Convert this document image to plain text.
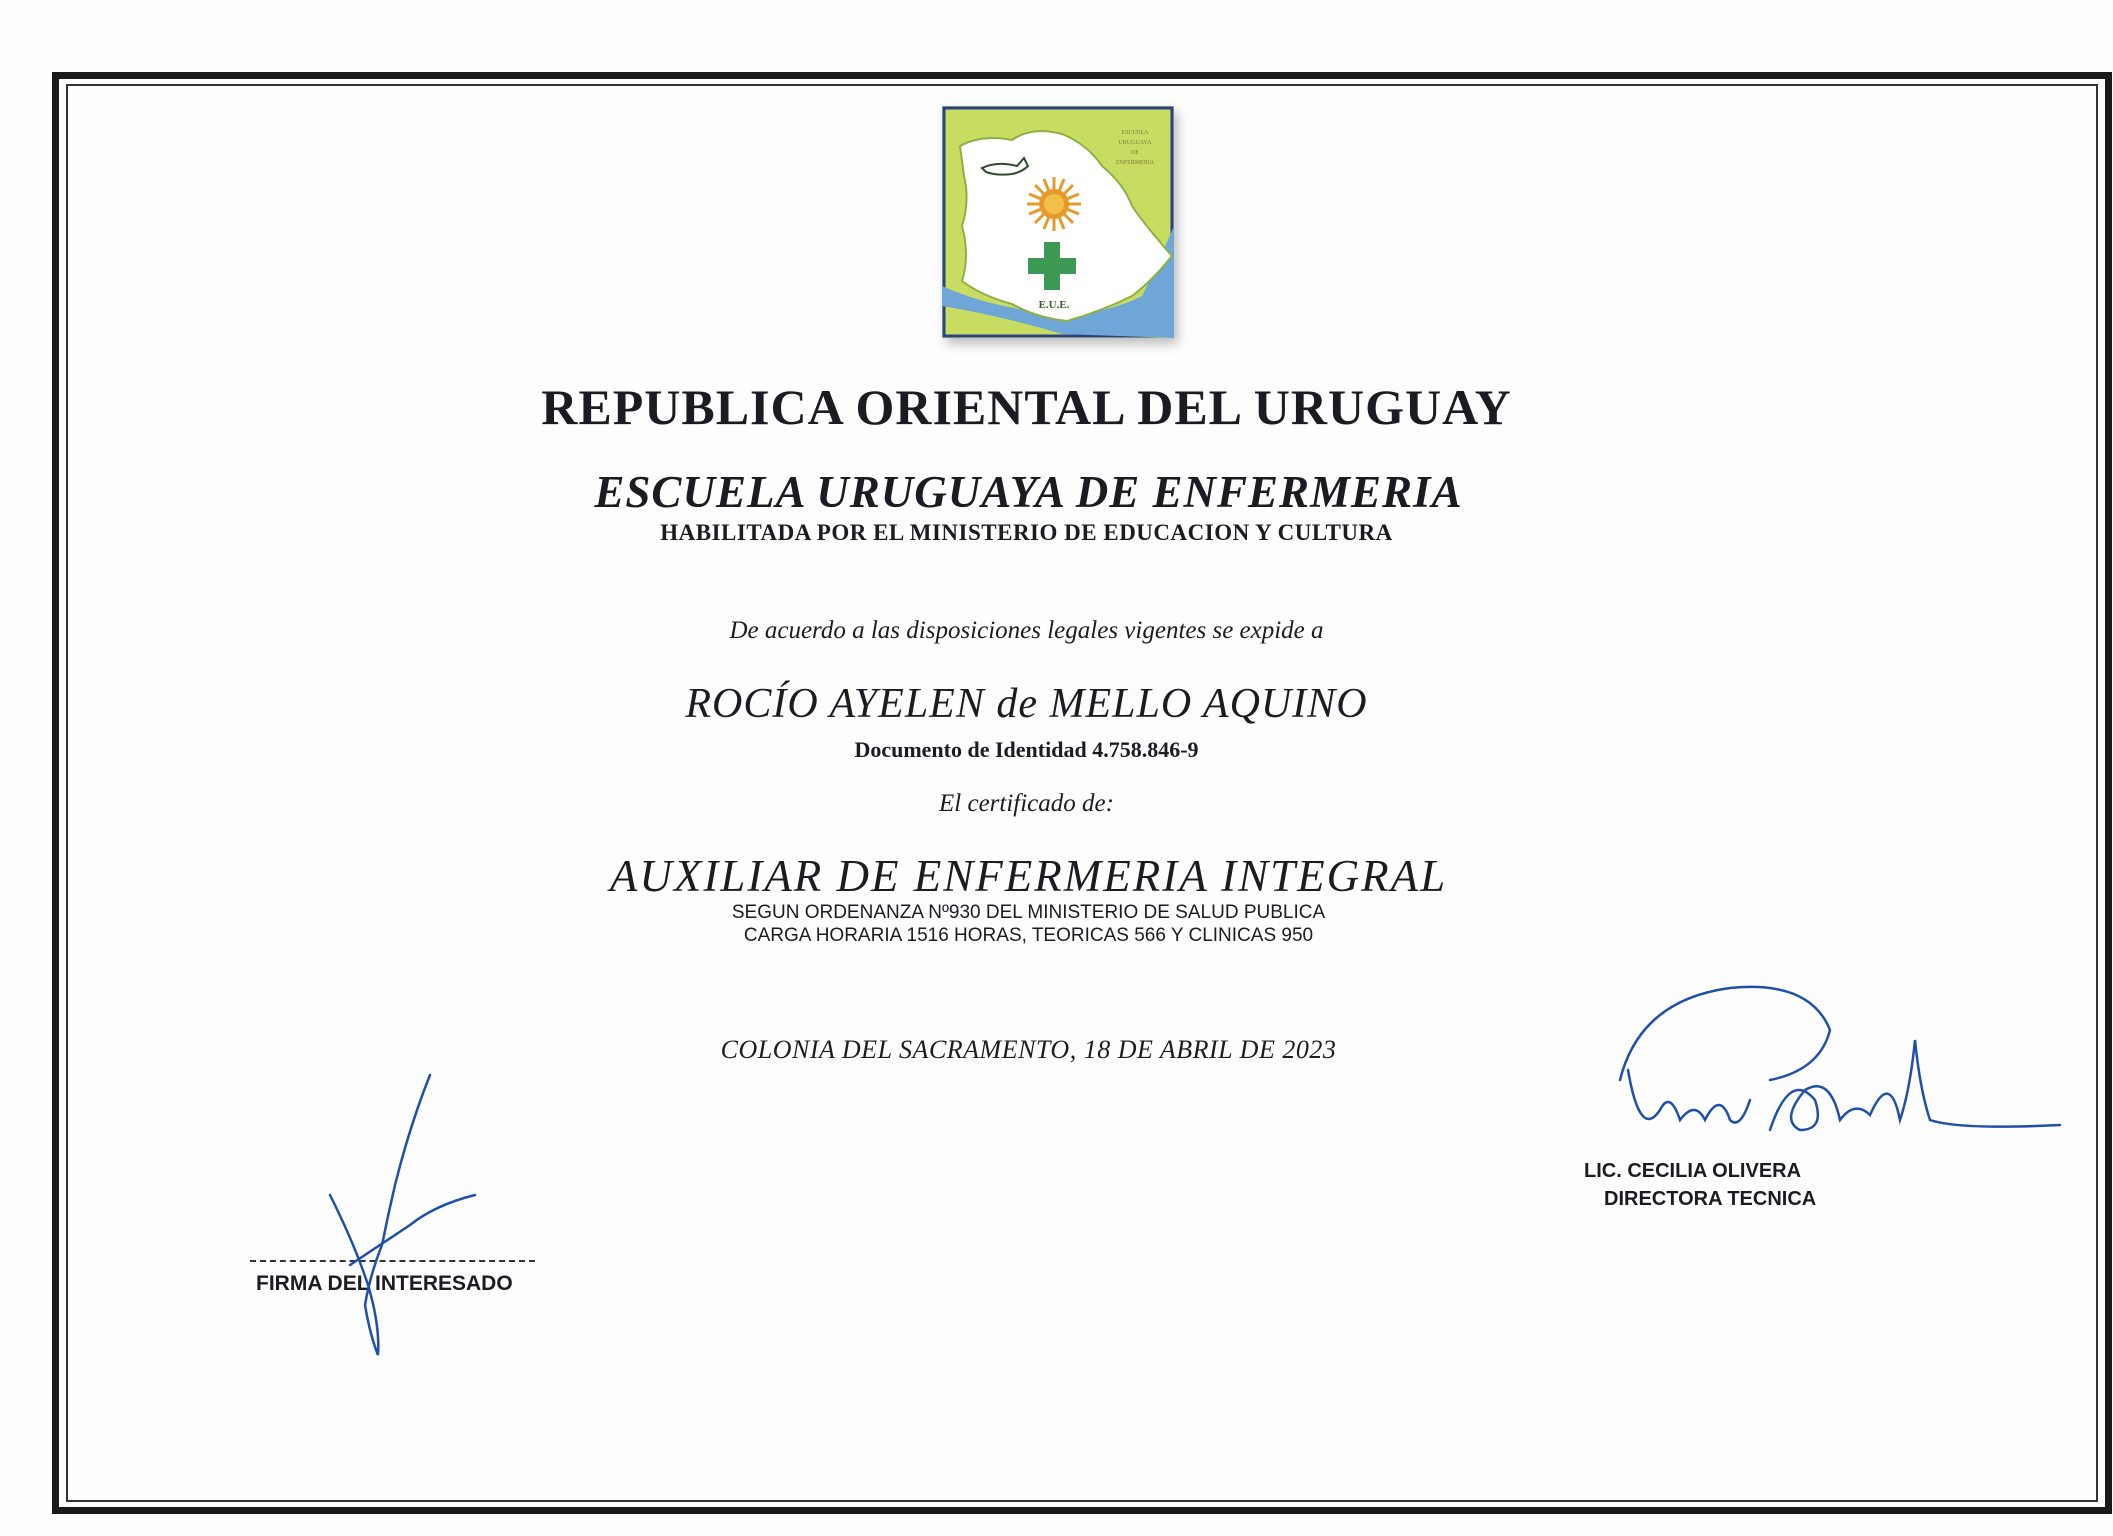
ESCUELA
URUGUAYA
DE
ENFERMERIA
E.U.E.
REPUBLICA ORIENTAL DEL URUGUAY
ESCUELA URUGUAYA DE ENFERMERIA
HABILITADA POR EL MINISTERIO DE EDUCACION Y CULTURA
De acuerdo a las disposiciones legales vigentes se expide a
ROCÍO AYELEN de MELLO AQUINO
Documento de Identidad 4.758.846-9
El certificado de:
AUXILIAR DE ENFERMERIA INTEGRAL
SEGUN ORDENANZA Nº930 DEL MINISTERIO DE SALUD PUBLICA
CARGA HORARIA 1516 HORAS, TEORICAS 566 Y CLINICAS 950
COLONIA DEL SACRAMENTO, 18 DE ABRIL DE 2023
FIRMA DEL INTERESADO
LIC. CECILIA OLIVERA
DIRECTORA TECNICA
